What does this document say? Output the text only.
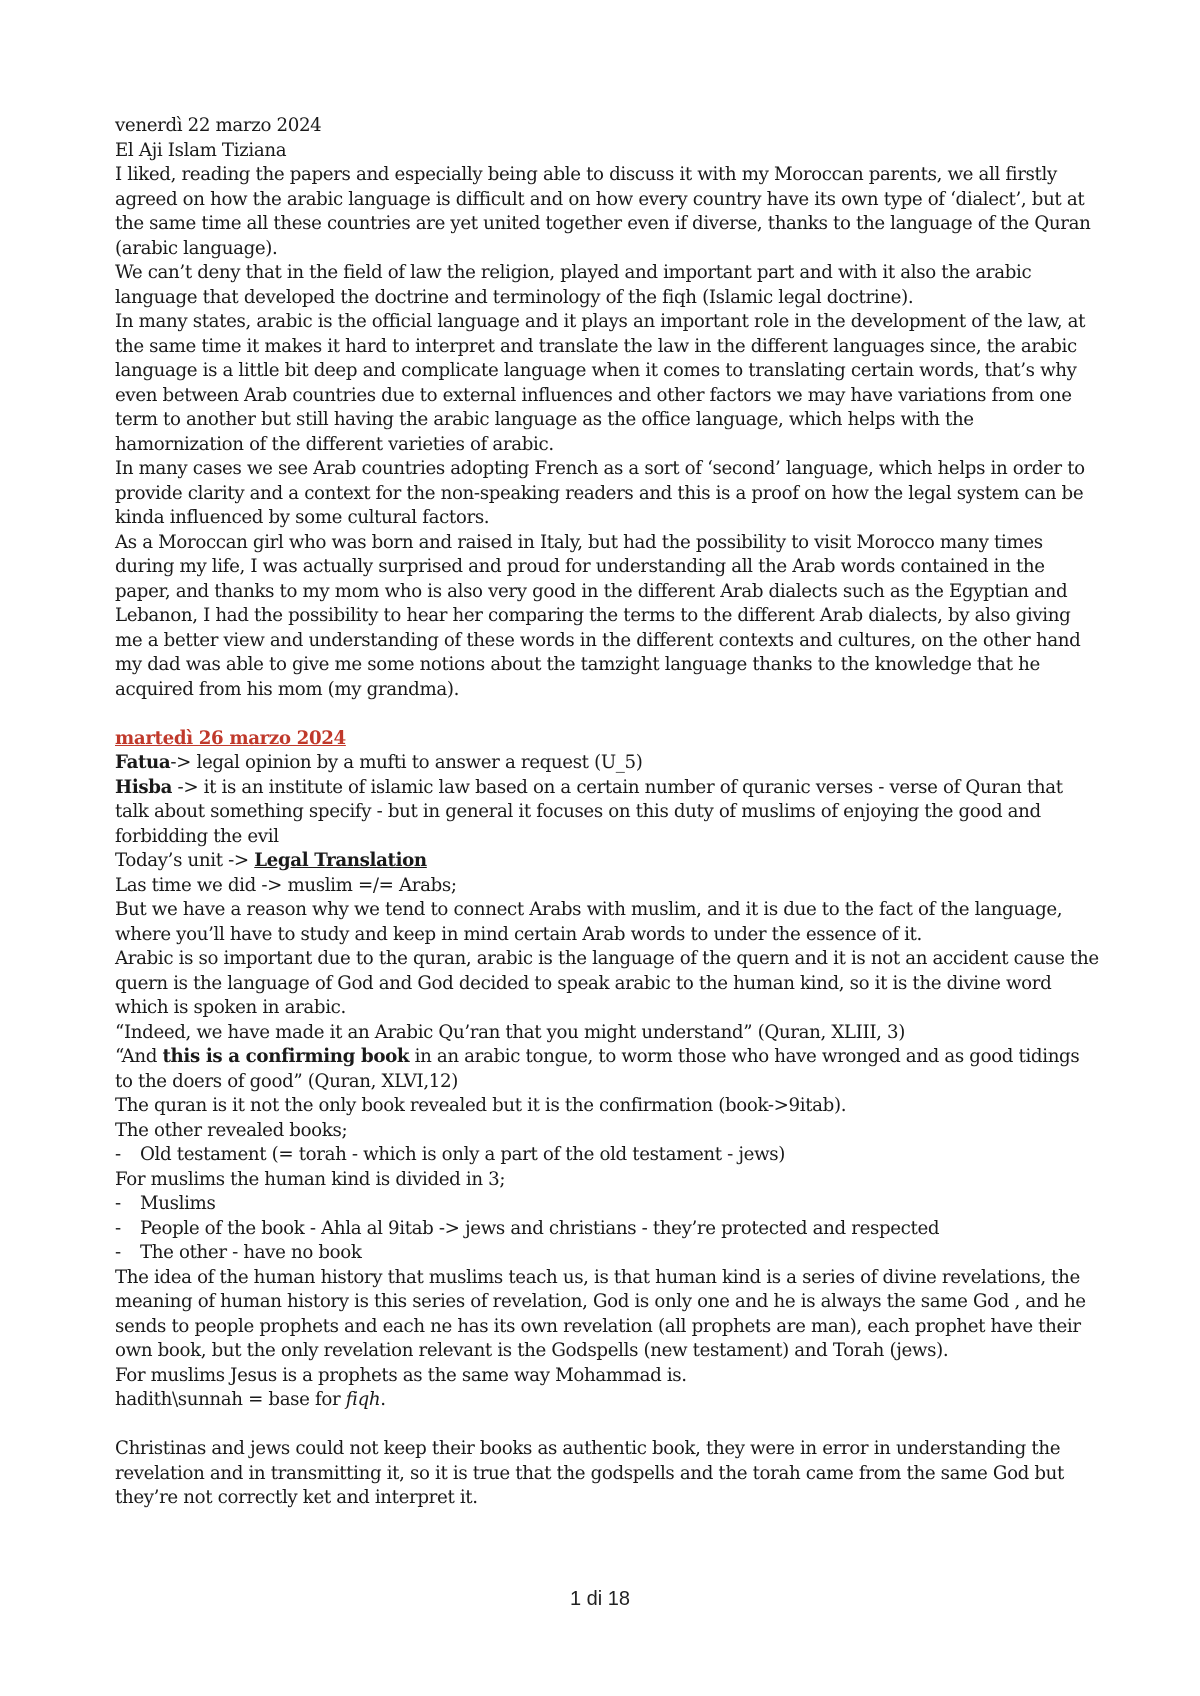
venerdì 22 marzo 2024

El Aji Islam Tiziana

I liked, reading the papers and especially being able to discuss it with my Moroccan parents, we all firstly agreed on how the arabic language is difficult and on how every country have its own type of ‘dialect’, but at the same time all these countries are yet united together even if diverse, thanks to the language of the Quran (arabic language).

We can’t deny that in the field of law the religion, played and important part and with it also the arabic language that developed the doctrine and terminology of the fiqh (Islamic legal doctrine).

In many states, arabic is the official language and it plays an important role in the development of the law, at the same time it makes it hard to interpret and translate the law in the different languages since, the arabic language is a little bit deep and complicate language when it comes to translating certain words, that’s why even between Arab countries due to external influences and other factors we may have variations from one term to another but still having the arabic language as the office language, which helps with the hamornization of the different varieties of arabic.

In many cases we see Arab countries adopting French as a sort of ‘second’ language, which helps in order to provide clarity and a context for the non-speaking readers and this is a proof on how the legal system can be kinda influenced by some cultural factors.

As a Moroccan girl who was born and raised in Italy, but had the possibility to visit Morocco many times during my life, I was actually surprised and proud for understanding all the Arab words contained in the paper, and thanks to my mom who is also very good in the different Arab dialects such as the Egyptian and Lebanon, I had the possibility to hear her comparing the terms to the different Arab dialects, by also giving me a better view and understanding of these words in the different contexts and cultures, on the other hand my dad was able to give me some notions about the tamzight language thanks to the knowledge that he acquired from his mom (my grandma).

martedì 26 marzo 2024

Fatua-> legal opinion by a mufti to answer a request (U_5)

Hisba -> it is an institute of islamic law based on a certain number of quranic verses - verse of Quran that talk about something specify - but in general it focuses on this duty of muslims of enjoying the good and forbidding the evil

Today’s unit -> Legal Translation

Las time we did -> muslim =/= Arabs;

But we have a reason why we tend to connect Arabs with muslim, and it is due to the fact of the language, where you’ll have to study and keep in mind certain Arab words to under the essence of it.

Arabic is so important due to the quran, arabic is the language of the quern and it is not an accident cause the quern is the language of God and God decided to speak arabic to the human kind, so it is the divine word which is spoken in arabic.

“Indeed, we have made it an Arabic Qu’ran that you might understand” (Quran, XLIII, 3)

“And this is a confirming book in an arabic tongue, to worm those who have wronged and as good tidings to the doers of good” (Quran, XLVI,12)

The quran is it not the only book revealed but it is the confirmation (book->9itab).

The other revealed books;

- Old testament (= torah - which is only a part of the old testament - jews)

For muslims the human kind is divided in 3;

- Muslims

- People of the book - Ahla al 9itab -> jews and christians - they’re protected and respected

- The other - have no book

The idea of the human history that muslims teach us, is that human kind is a series of divine revelations, the meaning of human history is this series of revelation, God is only one and he is always the same God , and he sends to people prophets and each ne has its own revelation (all prophets are man), each prophet have their own book, but the only revelation relevant is the Godspells (new testament) and Torah (jews).

For muslims Jesus is a prophets as the same way Mohammad is.

hadith\sunnah = base for fiqh.

Christinas and jews could not keep their books as authentic book, they were in error in understanding the revelation and in transmitting it, so it is true that the godspells and the torah came from the same God but they’re not correctly ket and interpret it.

1 di 18
